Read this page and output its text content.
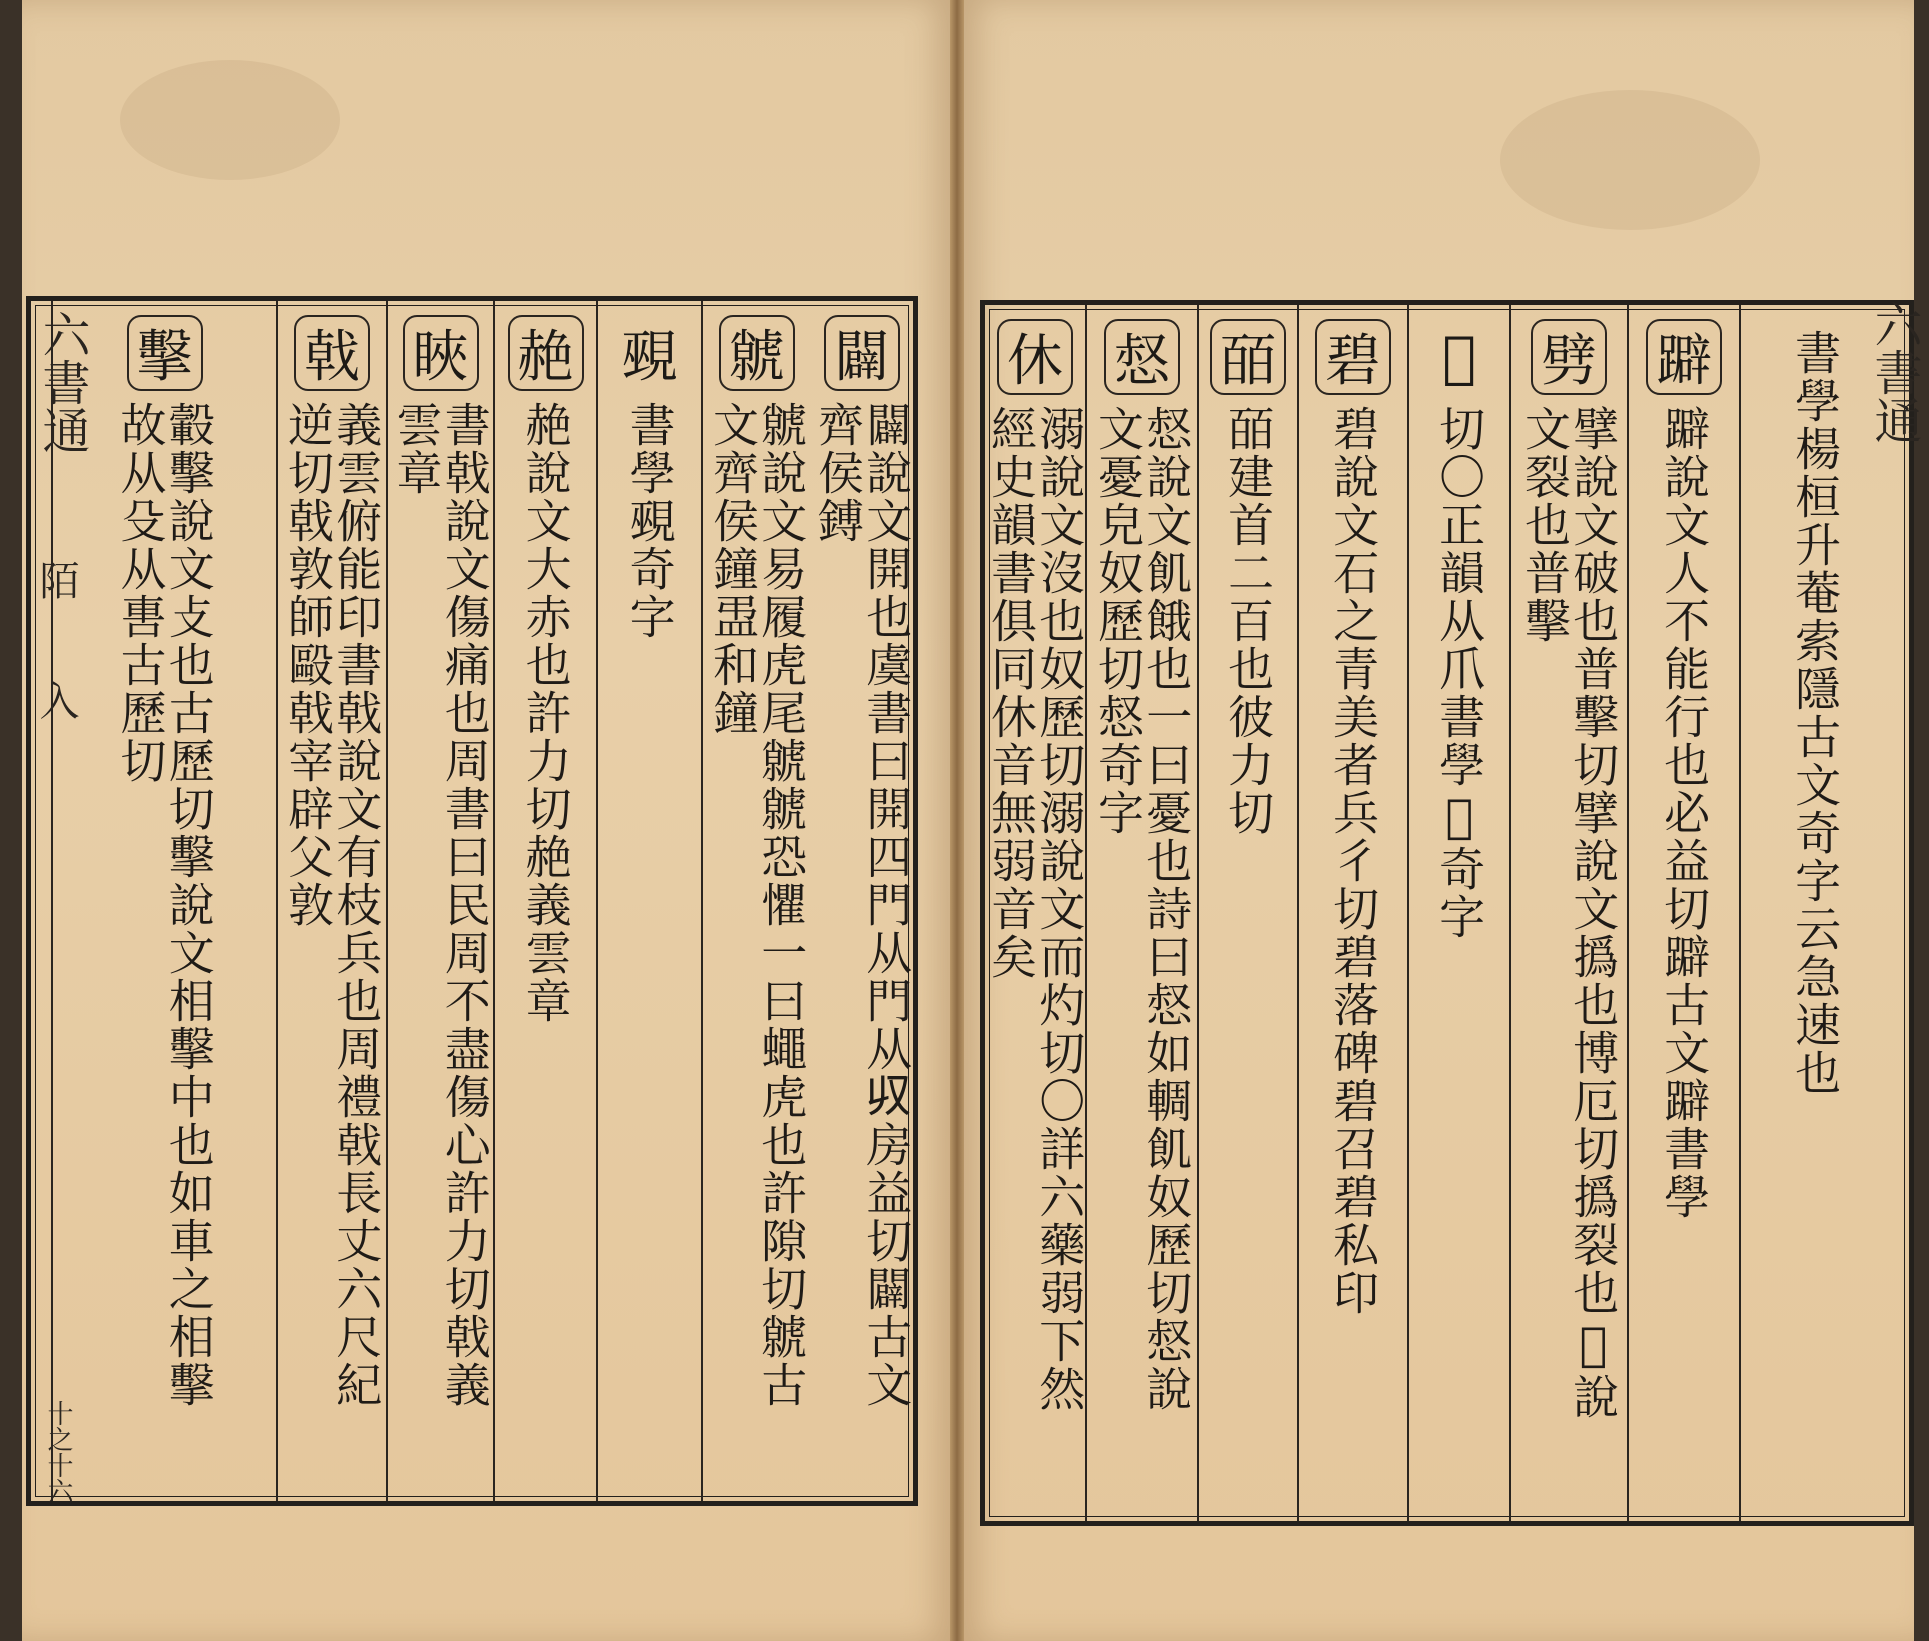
闢
闢說文開也虞書曰開四門从門从𠬞房益切闢古文齊侯鎛
虩
虩說文易履虎尾虩虩恐懼一曰蠅虎也許隙切虩古文齊侯鐘盄和鐘
覡
書學覡奇字
赩
赩說文大赤也許力切赩義雲章
䀹
書戟說文傷痛也周書曰民周不盡傷心許力切戟義雲章
戟
義雲俯能印書戟說文有枝兵也周禮戟長丈六尺紀逆切戟敦師毆戟宰辟父敦
擊
轂擊說文攴也古歷切擊說文相擊中也如車之相擊故从殳从軎古歷切
六書通
陌
入
十之十六
休
溺說文沒也奴歷切溺說文而灼切〇詳六藥弱下然經史韻書俱同休音無弱音矣
惄
惄說文飢餓也一曰憂也詩曰惄如輖飢奴歷切惄說文憂皃奴歷切惄奇字
皕
皕建首二百也彼力切
碧
碧說文石之青美者兵彳切碧落碑碧召碧私印
𤓰
切〇正韻从爪書學𤓰奇字
劈
擘說文破也普擊切擘說文撝也博厄切撝裂也𤓰說文裂也普擊
躃
躃說文人不能行也必益切躃古文躃書學 書學楊桓升菴索隱古文奇字云急速也 六書通
